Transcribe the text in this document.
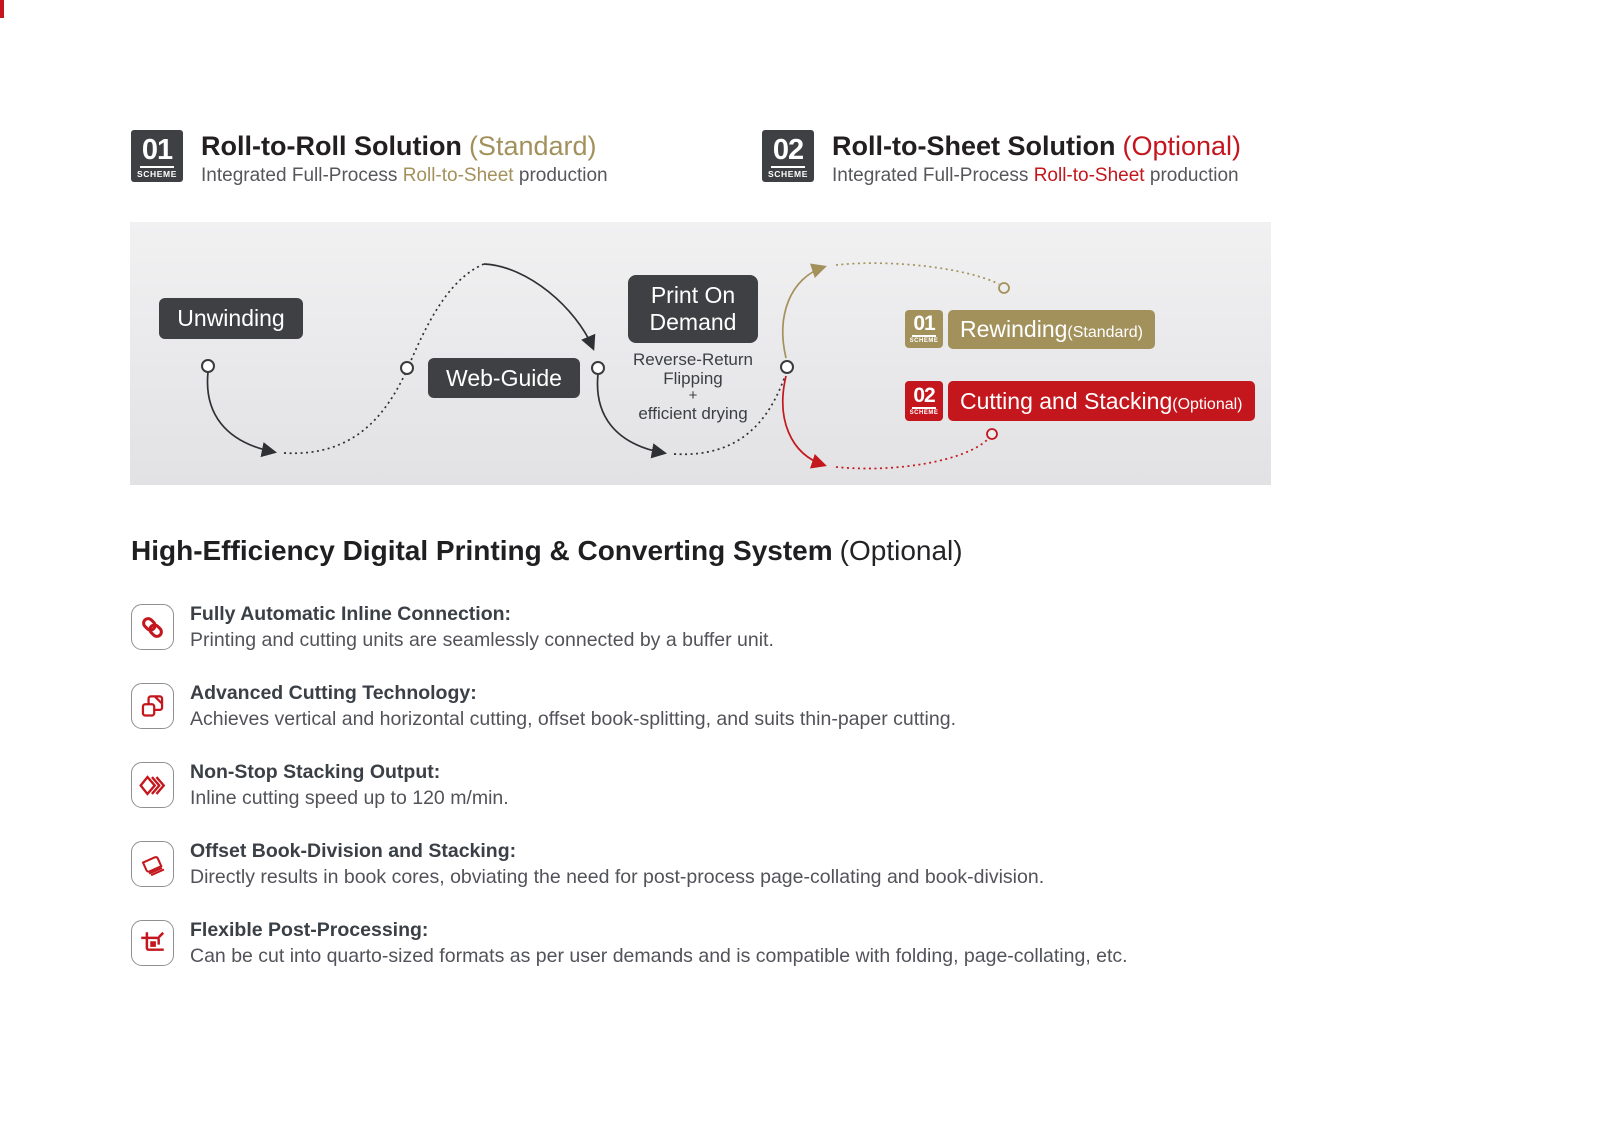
01
SCHEME
Roll-to-Roll Solution (Standard)
Integrated Full-Process Roll-to-Sheet production
02
SCHEME
Roll-to-Sheet Solution (Optional)
Integrated Full-Process Roll-to-Sheet production
Unwinding
Web-Guide
Print On
Demand
Reverse-Return
Flipping
+
efficient drying
01
SCHEME Rewinding (Standard)
02
SCHEME Cutting and Stacking (Optional)
High-Efficiency Digital Printing & Converting System (Optional)
Fully Automatic Inline Connection:
Printing and cutting units are seamlessly connected by a buffer unit.
Advanced Cutting Technology:
Achieves vertical and horizontal cutting, offset book-splitting, and suits thin-paper cutting.
Non-Stop Stacking Output:
Inline cutting speed up to 120 m/min.
Offset Book-Division and Stacking:
Directly results in book cores, obviating the need for post-process page-collating and book-division.
Flexible Post-Processing:
Can be cut into quarto-sized formats as per user demands and is compatible with folding, page-collating, etc.
